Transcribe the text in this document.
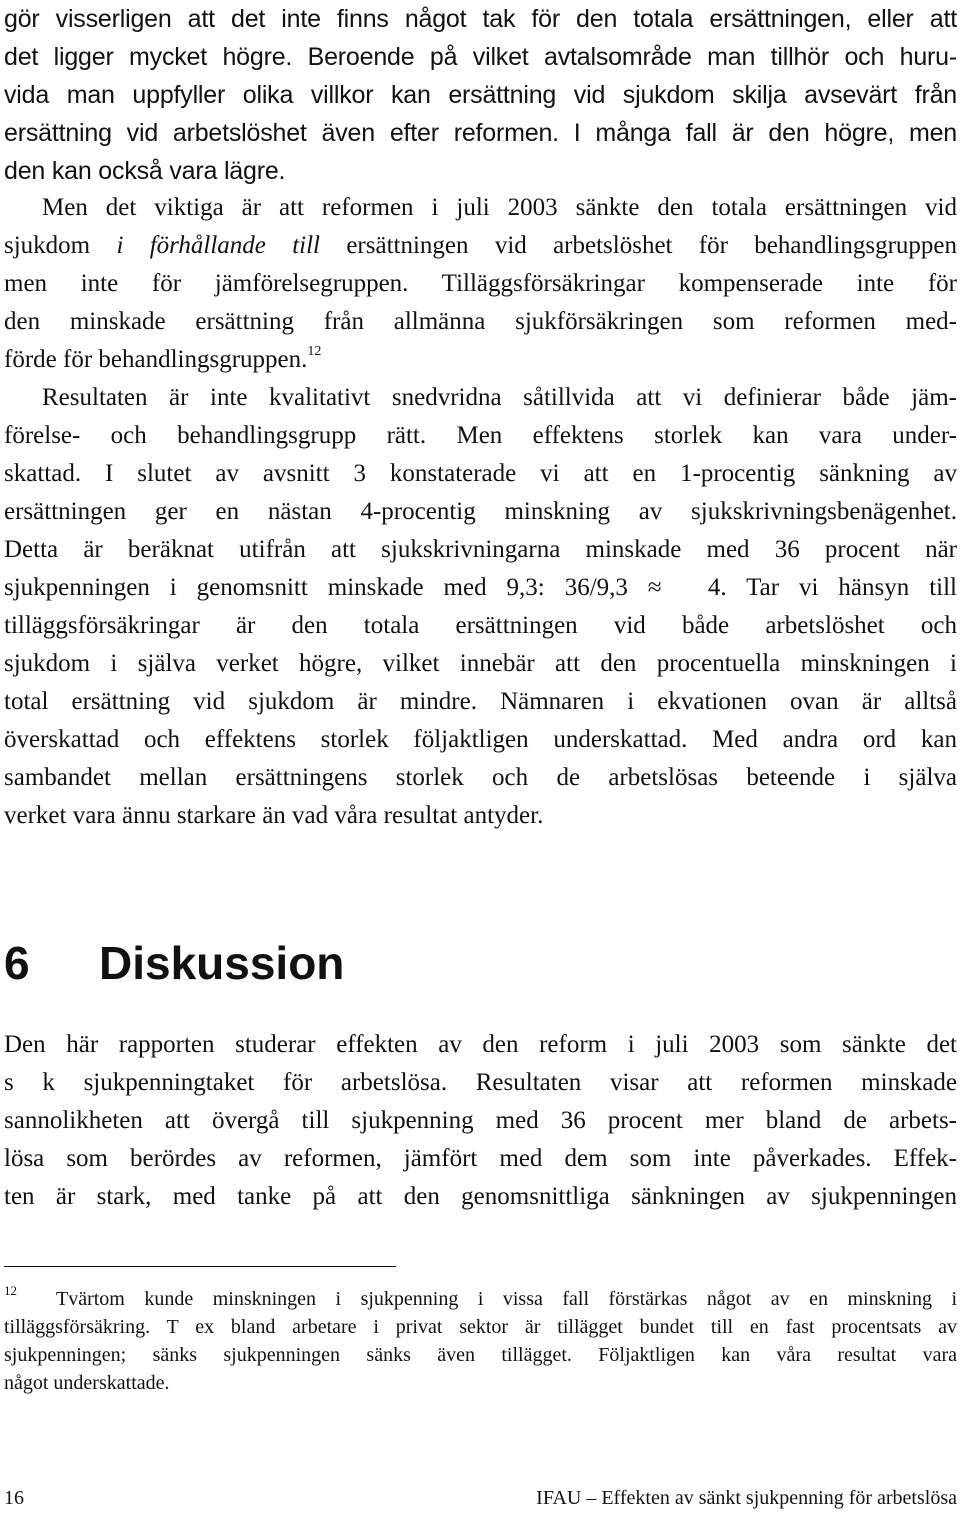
gör visserligen att det inte finns något tak för den totala ersättningen, eller att
det ligger mycket högre. Beroende på vilket avtalsområde man tillhör och huru-
vida man uppfyller olika villkor kan ersättning vid sjukdom skilja avsevärt från
ersättning vid arbetslöshet även efter reformen. I många fall är den högre, men
den kan också vara lägre.
Men det viktiga är att reformen i juli 2003 sänkte den totala ersättningen vid
sjukdom i förhållande till ersättningen vid arbetslöshet för behandlingsgruppen
men inte för jämförelsegruppen. Tilläggsförsäkringar kompenserade inte för
den minskade ersättning från allmänna sjukförsäkringen som reformen med-
förde för behandlingsgruppen.$^{12}$
Resultaten är inte kvalitativt snedvridna såtillvida att vi definierar både jäm-
förelse- och behandlingsgrupp rätt. Men effektens storlek kan vara under-
skattad. I slutet av avsnitt 3 konstaterade vi att en 1-procentig sänkning av
ersättningen ger en nästan 4-procentig minskning av sjukskrivningsbenägenhet.
Detta är beräknat utifrån att sjukskrivningarna minskade med 36 procent när
sjukpenningen i genomsnitt minskade med 9,3: 36/9,3 ≈ 4. Tar vi hänsyn till
tilläggsförsäkringar är den totala ersättningen vid både arbetslöshet och
sjukdom i själva verket högre, vilket innebär att den procentuella minskningen i
total ersättning vid sjukdom är mindre. Nämnaren i ekvationen ovan är alltså
överskattad och effektens storlek följaktligen underskattad. Med andra ord kan
sambandet mellan ersättningens storlek och de arbetslösas beteende i själva
verket vara ännu starkare än vad våra resultat antyder.
6 Diskussion
Den här rapporten studerar effekten av den reform i juli 2003 som sänkte det
s k sjukpenningtaket för arbetslösa. Resultaten visar att reformen minskade
sannolikheten att övergå till sjukpenning med 36 procent mer bland de arbets-
lösa som berördes av reformen, jämfört med dem som inte påverkades. Effek-
ten är stark, med tanke på att den genomsnittliga sänkningen av sjukpenningen
$^{12}$ Tvärtom kunde minskningen i sjukpenning i vissa fall förstärkas något av en minskning i
tilläggsförsäkring. T ex bland arbetare i privat sektor är tillägget bundet till en fast procentsats av
sjukpenningen; sänks sjukpenningen sänks även tillägget. Följaktligen kan våra resultat vara
något underskattade.
16	IFAU – Effekten av sänkt sjukpenning för arbetslösa
